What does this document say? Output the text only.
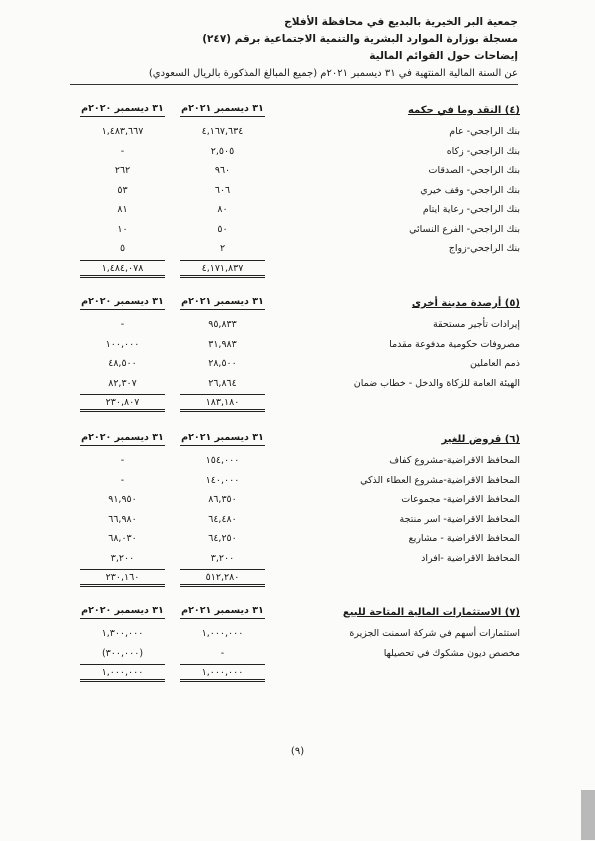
جمعية البر الخيرية بالبديع في محافظة الأفلاج
مسجلة بوزارة الموارد البشرية والتنمية الاجتماعية برقم (٢٤٧)
إيضاحات حول القوائم المالية
عن السنة المالية المنتهية في ٣١ ديسمبر ٢٠٢١م (جميع المبالغ المذكورة بالريال السعودي)
(٤) النقد وما في حكمه
٣١ ديسمبر ٢٠٢١م
٣١ ديسمبر ٢٠٢٠م
بنك الراجحي- عام
٤,١٦٧,٦٣٤
١,٤٨٣,٦٦٧
بنك الراجحي- زكاه
٢,٥٠٥
-
بنك الراجحي- الصدقات
٩٦٠
٢٦٢
بنك الراجحي- وقف خيري
٦٠٦
٥٣
بنك الراجحي- رعاية ايتام
٨٠
٨١
بنك الراجحي- الفرع النسائي
٥٠
١٠
بنك الراجحي-زواج
٢
٥
٤,١٧١,٨٣٧
١,٤٨٤,٠٧٨
(٥) أرصدة مدينة أخرى
٣١ ديسمبر ٢٠٢١م
٣١ ديسمبر ٢٠٢٠م
إيرادات تأجير مستحقة
٩٥,٨٣٣
-
مصروفات حكومية مدفوعة مقدما
٣١,٩٨٣
١٠٠,٠٠٠
ذمم العاملين
٢٨,٥٠٠
٤٨,٥٠٠
الهيئة العامة للزكاة والدخل - خطاب ضمان
٢٦,٨٦٤
٨٢,٣٠٧
١٨٣,١٨٠
٢٣٠,٨٠٧
(٦) قروض للغير
٣١ ديسمبر ٢٠٢١م
٣١ ديسمبر ٢٠٢٠م
المحافظ الاقراضية-مشروع كفاف
١٥٤,٠٠٠
-
المحافظ الاقراضية-مشروع العطاء الذكي
١٤٠,٠٠٠
-
المحافظ الاقراضية- مجموعات
٨٦,٣٥٠
٩١,٩٥٠
المحافظ الاقراضية- اسر منتجة
٦٤,٤٨٠
٦٦,٩٨٠
المحافظ الاقراضية - مشاريع
٦٤,٢٥٠
٦٨,٠٣٠
المحافظ الاقراضية -افراد
٣,٢٠٠
٣,٢٠٠
٥١٢,٢٨٠
٢٣٠,١٦٠
(٧) الاستثمارات المالية المتاحة للبيع
٣١ ديسمبر ٢٠٢١م
٣١ ديسمبر ٢٠٢٠م
استثمارات أسهم في شركة اسمنت الجزيرة
١,٠٠٠,٠٠٠
١,٣٠٠,٠٠٠
مخصص ديون مشكوك في تحصيلها
-
(٣٠٠,٠٠٠)
١,٠٠٠,٠٠٠
١,٠٠٠,٠٠٠
(٩)
